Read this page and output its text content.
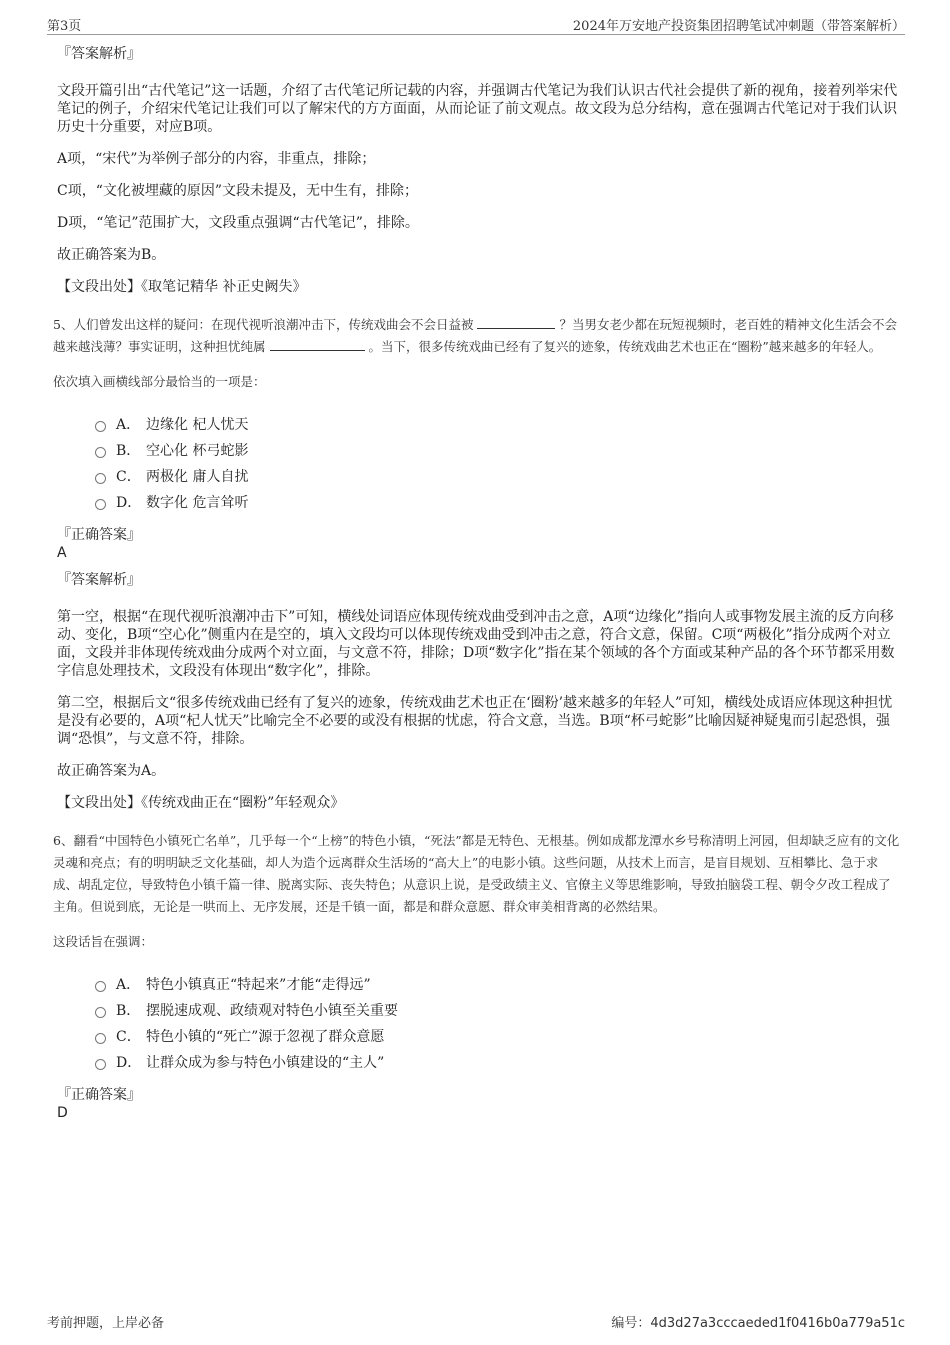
第3页	2024年万安地产投资集团招聘笔试冲刺题（带答案解析）
『答案解析』

文段开篇引出“古代笔记”这一话题，介绍了古代笔记所记载的内容，并强调古代笔记为我们认识古代社会提供了新的视角，接着列举宋代笔记的例子，介绍宋代笔记让我们可以了解宋代的方方面面，从而论证了前文观点。故文段为总分结构，意在强调古代笔记对于我们认识历史十分重要，对应B项。

A项，“宋代”为举例子部分的内容，非重点，排除；

C项，“文化被埋藏的原因”文段未提及，无中生有，排除；

D项，“笔记”范围扩大，文段重点强调“古代笔记”，排除。

故正确答案为B。

【文段出处】《取笔记精华 补正史阙失》

5、人们曾发出这样的疑问：在现代视听浪潮冲击下，传统戏曲会不会日益被	？当男女老少都在玩短视频时，老百姓的精神文化生活会不会越来越浅薄？事实证明，这种担忧纯属	。当下，很多传统戏曲已经有了复兴的迹象，传统戏曲艺术也正在“圈粉”越来越多的年轻人。

依次填入画横线部分最恰当的一项是：
A． 边缘化 杞人忧天
B． 空心化 杯弓蛇影
C． 两极化 庸人自扰
D． 数字化 危言耸听
『正确答案』
A
『答案解析』

第一空，根据“在现代视听浪潮冲击下”可知，横线处词语应体现传统戏曲受到冲击之意，A项“边缘化”指向人或事物发展主流的反方向移动、变化，B项“空心化”侧重内在是空的，填入文段均可以体现传统戏曲受到冲击之意，符合文意，保留。C项“两极化”指分成两个对立面，文段并非体现传统戏曲分成两个对立面，与文意不符，排除；D项“数字化”指在某个领域的各个方面或某种产品的各个环节都采用数字信息处理技术，文段没有体现出“数字化”，排除。

第二空，根据后文“很多传统戏曲已经有了复兴的迹象，传统戏曲艺术也正在‘圈粉’越来越多的年轻人”可知，横线处成语应体现这种担忧是没有必要的，A项“杞人忧天”比喻完全不必要的或没有根据的忧虑，符合文意，当选。B项“杯弓蛇影”比喻因疑神疑鬼而引起恐惧，强调“恐惧”，与文意不符，排除。

故正确答案为A。

【文段出处】《传统戏曲正在“圈粉”年轻观众》

6、翻看“中国特色小镇死亡名单”，几乎每一个“上榜”的特色小镇，“死法”都是无特色、无根基。例如成都龙潭水乡号称清明上河园，但却缺乏应有的文化灵魂和亮点；有的明明缺乏文化基础，却人为造个远离群众生活场的“高大上”的电影小镇。这些问题，从技术上而言，是盲目规划、互相攀比、急于求成、胡乱定位，导致特色小镇千篇一律、脱离实际、丧失特色；从意识上说，是受政绩主义、官僚主义等思维影响，导致拍脑袋工程、朝令夕改工程成了主角。但说到底，无论是一哄而上、无序发展，还是千镇一面，都是和群众意愿、群众审美相背离的必然结果。

这段话旨在强调：
A． 特色小镇真正“特起来”才能“走得远”
B． 摆脱速成观、政绩观对特色小镇至关重要
C． 特色小镇的“死亡”源于忽视了群众意愿
D． 让群众成为参与特色小镇建设的“主人”
『正确答案』
D
考前押题，上岸必备	编号：4d3d27a3cccaeded1f0416b0a779a51c
